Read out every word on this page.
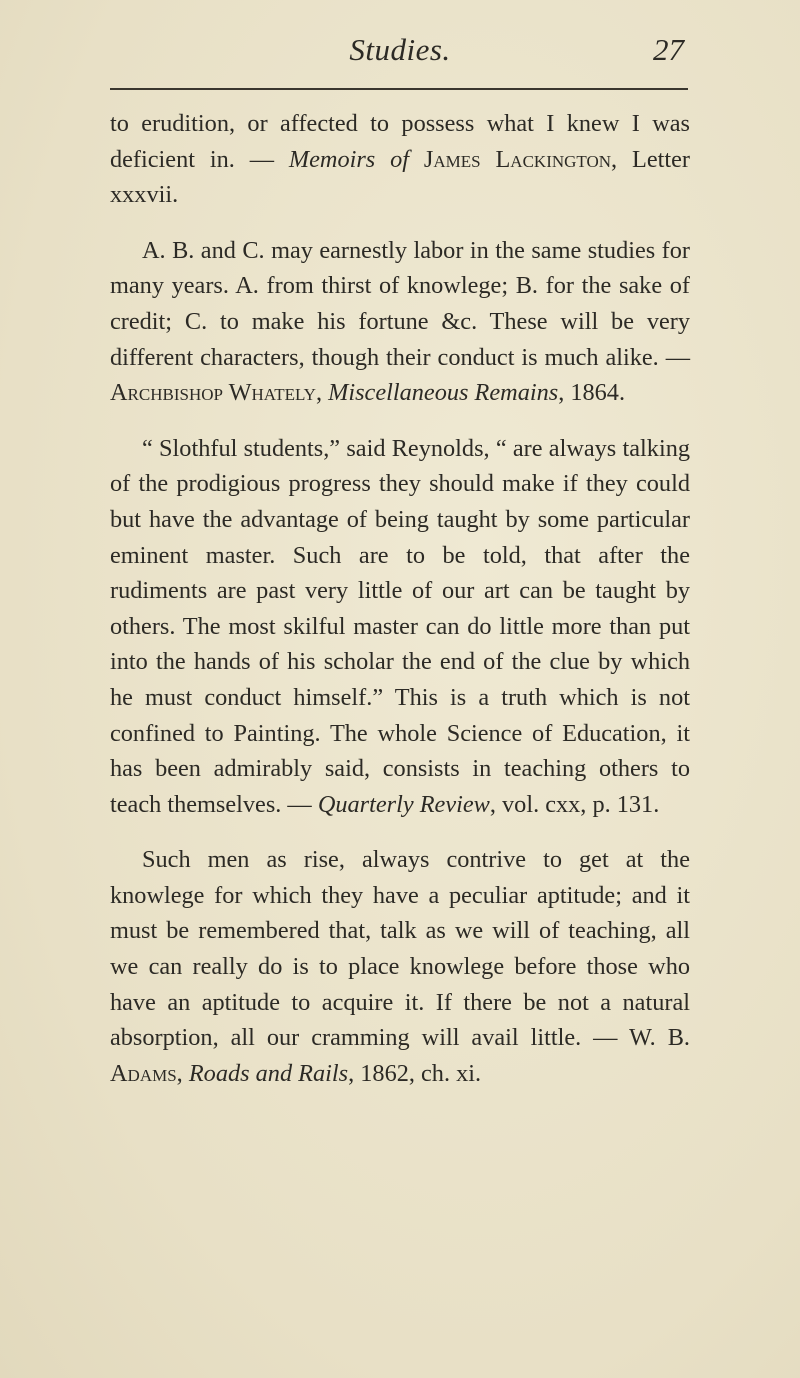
Studies.	27

to erudition, or affected to possess what I knew I was deficient in. — Memoirs of James Lackington, Letter xxxvii.

A. B. and C. may earnestly labor in the same studies for many years. A. from thirst of knowlege; B. for the sake of credit; C. to make his fortune &c. These will be very different characters, though their conduct is much alike. — Archbishop Whately, Miscellaneous Remains, 1864.

“ Slothful students,” said Reynolds, “ are always talking of the prodigious progress they should make if they could but have the advantage of being taught by some particular eminent master. Such are to be told, that after the rudiments are past very little of our art can be taught by others. The most skilful master can do little more than put into the hands of his scholar the end of the clue by which he must conduct himself.” This is a truth which is not confined to Painting. The whole Science of Education, it has been admirably said, consists in teaching others to teach themselves. — Quarterly Review, vol. cxx, p. 131.

Such men as rise, always contrive to get at the knowlege for which they have a peculiar aptitude; and it must be remembered that, talk as we will of teaching, all we can really do is to place knowlege before those who have an aptitude to acquire it. If there be not a natural absorption, all our cramming will avail little. — W. B. Adams, Roads and Rails, 1862, ch. xi.
